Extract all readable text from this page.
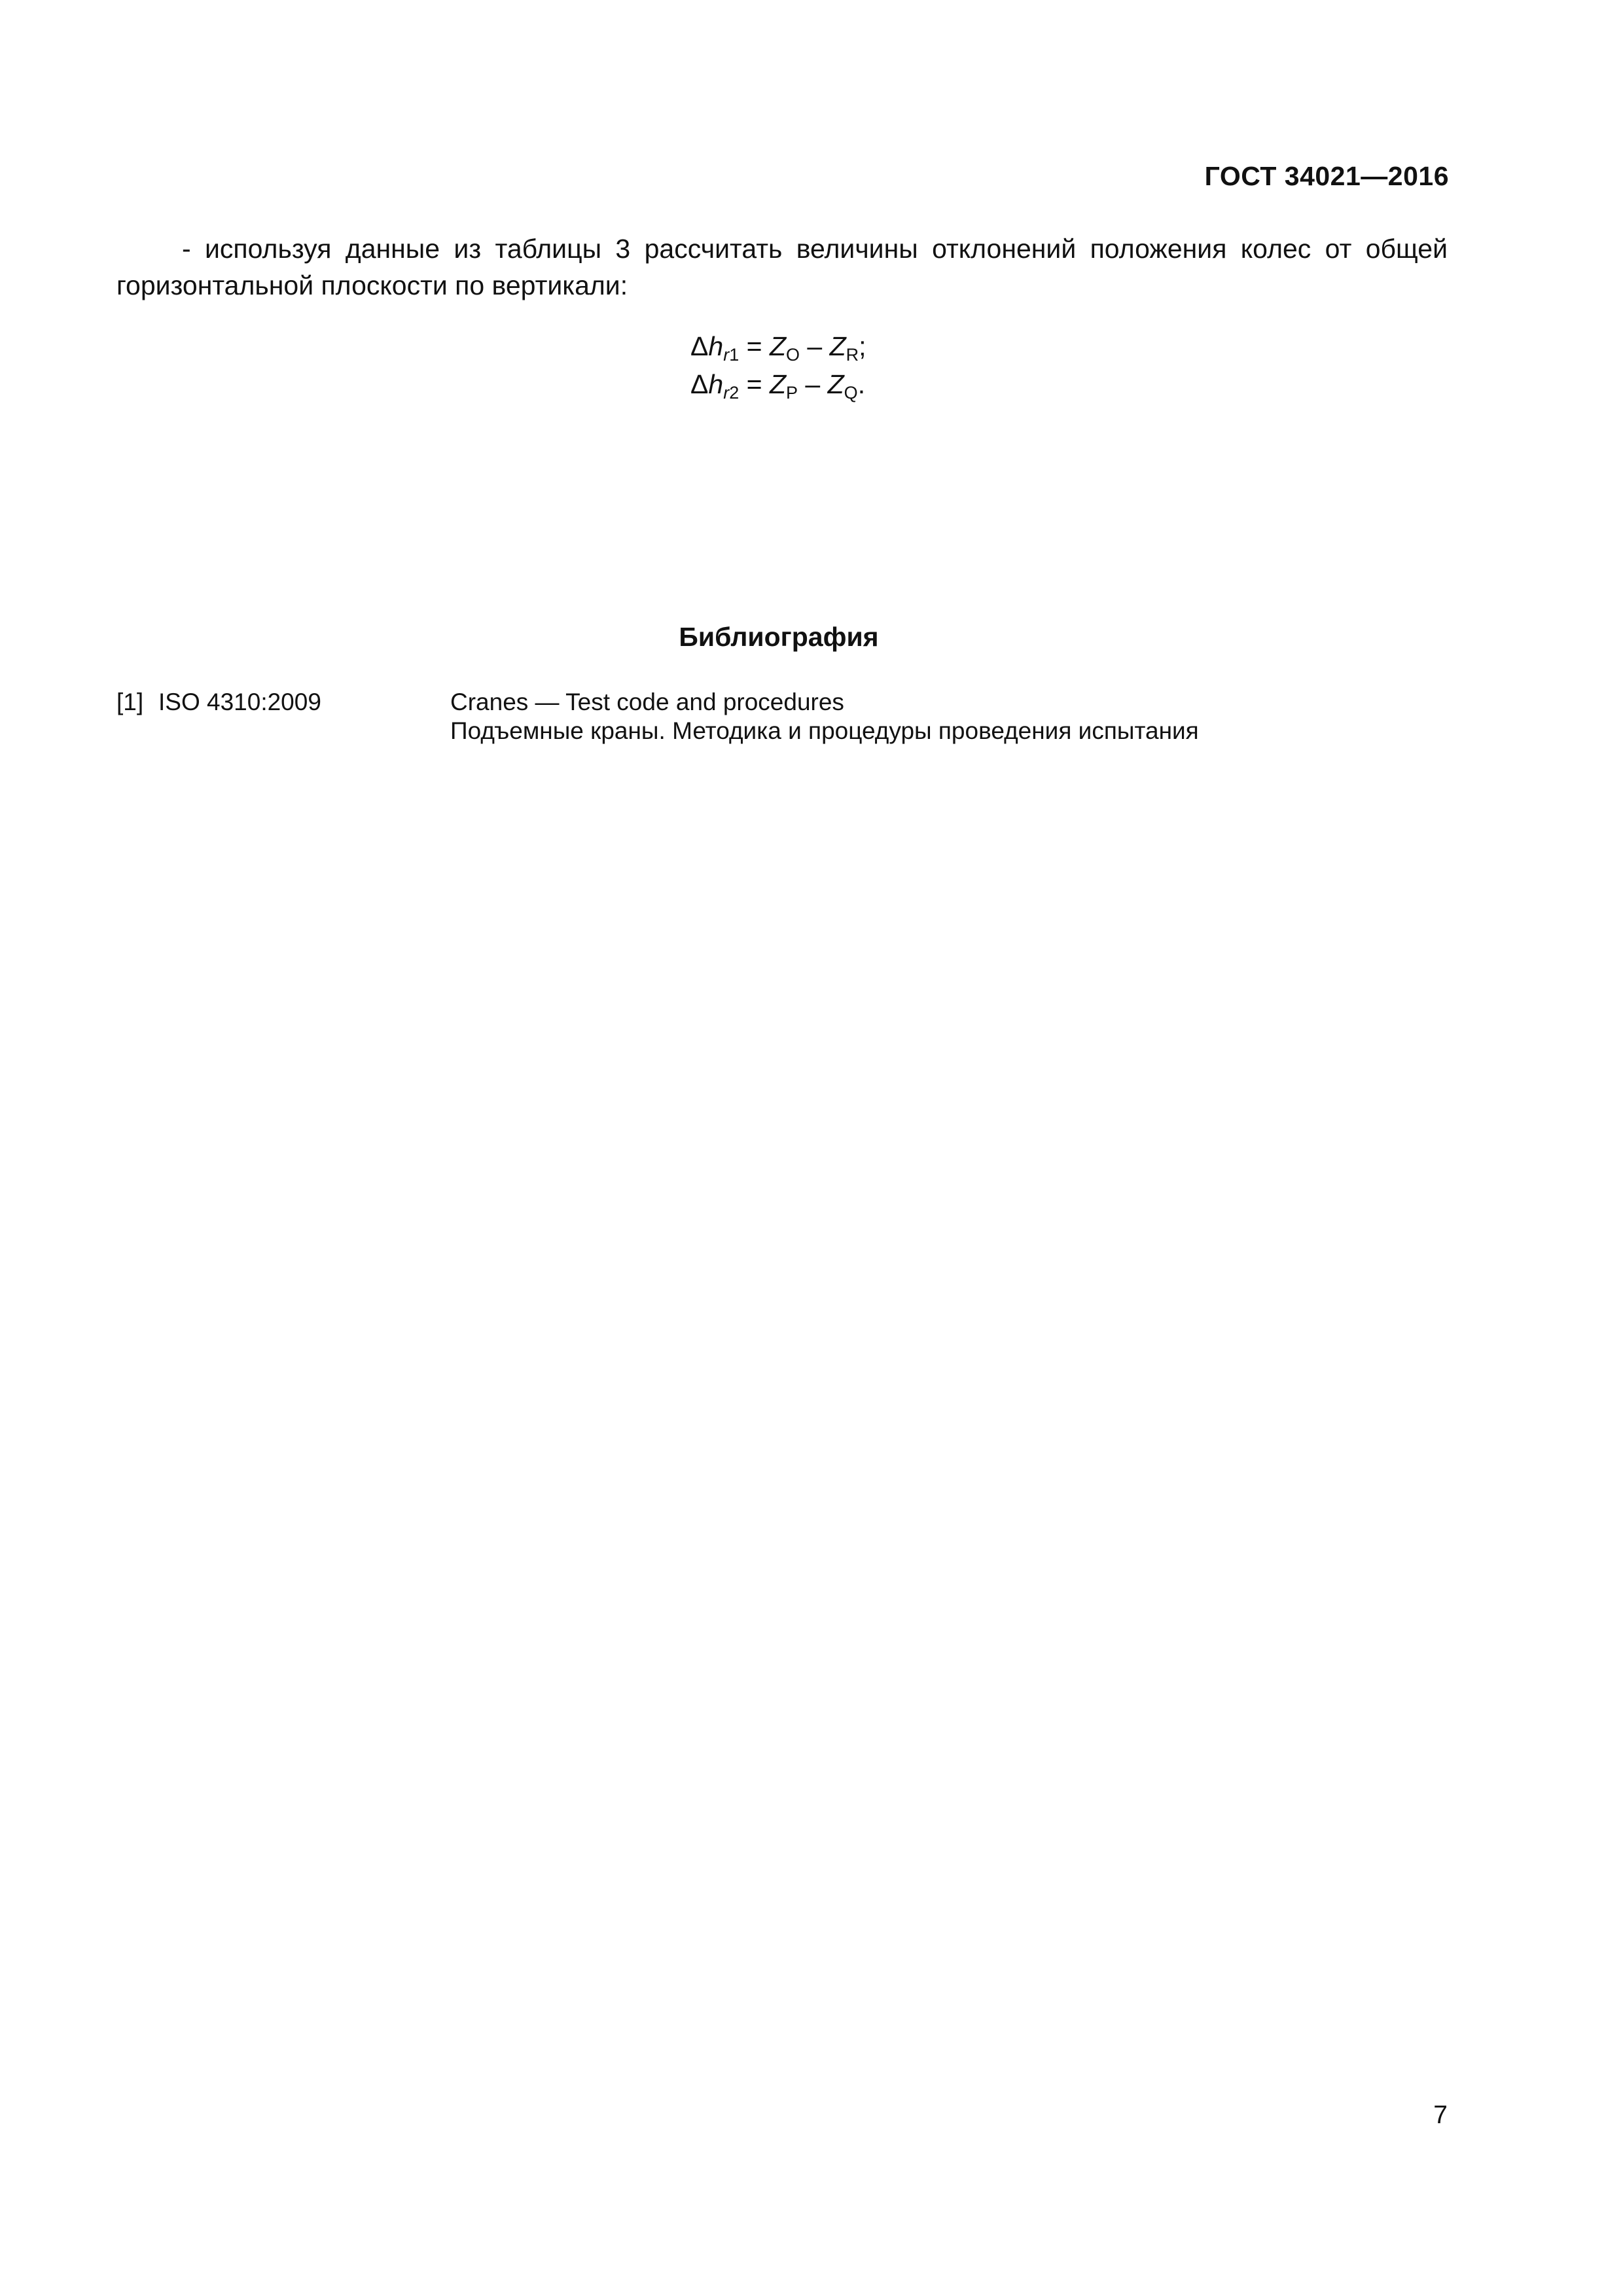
ГОСТ 34021—2016
- используя данные из таблицы 3 рассчитать величины отклонений положения колес от общей
горизонтальной плоскости по вертикали:
$\Delta h_{r1} = Z_O - Z_R$;
$\Delta h_{r2} = Z_P - Z_Q$.
Библиография
[1] ISO 4310:2009	Cranes — Test code and procedures
Подъемные краны. Методика и процедуры проведения испытания
7
